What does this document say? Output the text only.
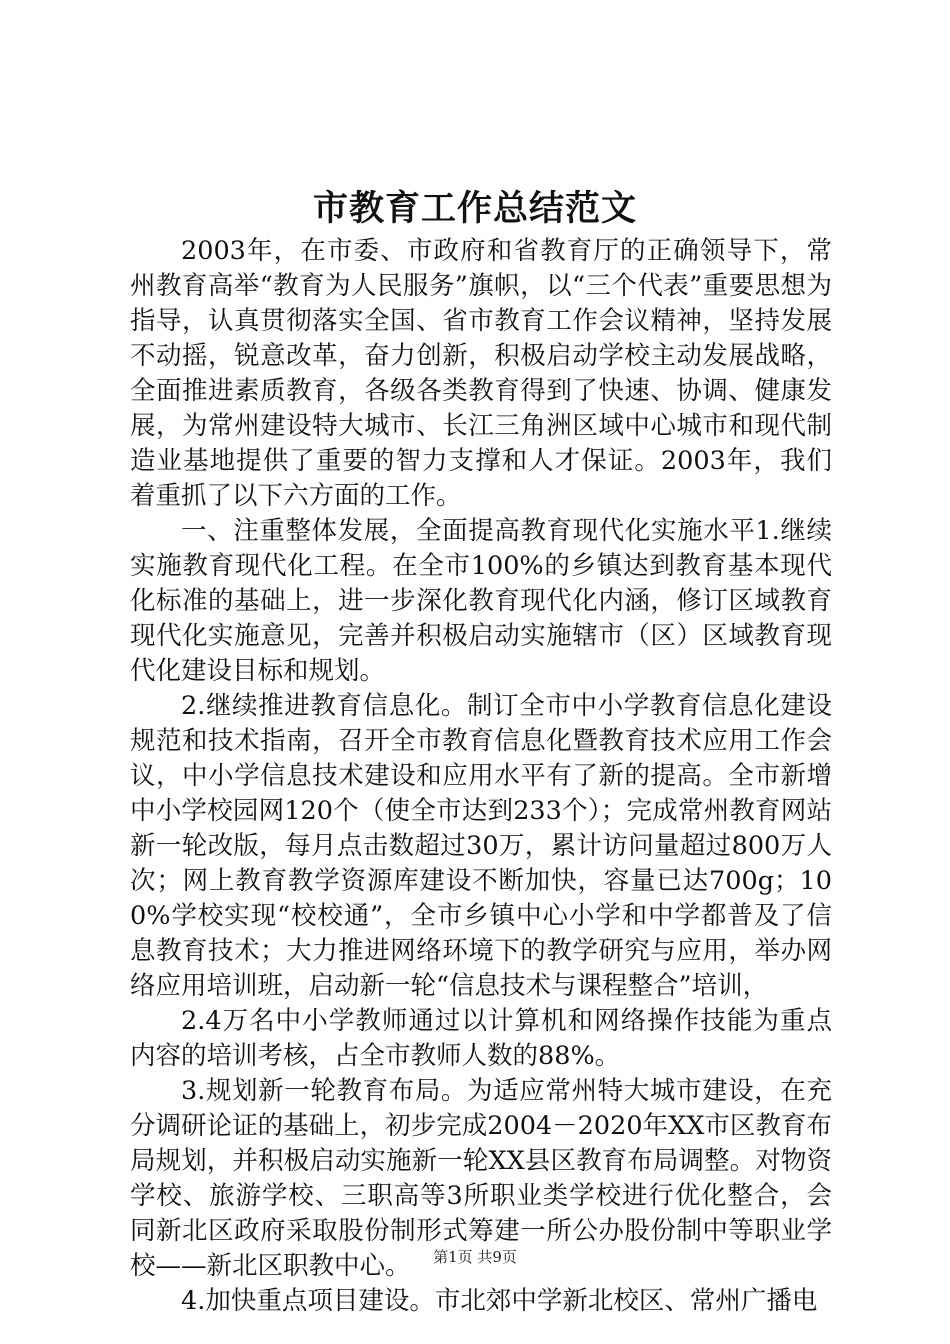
市教育工作总结范文

2003年，在市委、市政府和省教育厅的正确领导下，常州教育高举“教育为人民服务”旗帜，以“三个代表”重要思想为指导，认真贯彻落实全国、省市教育工作会议精神，坚持发展不动摇，锐意改革，奋力创新，积极启动学校主动发展战略，全面推进素质教育，各级各类教育得到了快速、协调、健康发展，为常州建设特大城市、长江三角洲区域中心城市和现代制造业基地提供了重要的智力支撑和人才保证。2003年，我们着重抓了以下六方面的工作。

一、注重整体发展，全面提高教育现代化实施水平1.继续实施教育现代化工程。在全市100%的乡镇达到教育基本现代化标准的基础上，进一步深化教育现代化内涵，修订区域教育现代化实施意见，完善并积极启动实施辖市（区）区域教育现代化建设目标和规划。

2.继续推进教育信息化。制订全市中小学教育信息化建设规范和技术指南，召开全市教育信息化暨教育技术应用工作会议，中小学信息技术建设和应用水平有了新的提高。全市新增中小学校园网120个（使全市达到233个）；完成常州教育网站新一轮改版，每月点击数超过30万，累计访问量超过800万人次；网上教育教学资源库建设不断加快，容量已达700g；100%学校实现“校校通”，全市乡镇中心小学和中学都普及了信息教育技术；大力推进网络环境下的教学研究与应用，举办网络应用培训班，启动新一轮“信息技术与课程整合”培训，

2.4万名中小学教师通过以计算机和网络操作技能为重点内容的培训考核，占全市教师人数的88%。

3.规划新一轮教育布局。为适应常州特大城市建设，在充分调研论证的基础上，初步完成2004－2020年XX市区教育布局规划，并积极启动实施新一轮XX县区教育布局调整。对物资学校、旅游学校、三职高等3所职业类学校进行优化整合，会同新北区政府采取股份制形式筹建一所公办股份制中等职业学校——新北区职教中心。

4.加快重点项目建设。市北郊中学新北校区、常州广播电

第1页 共9页
